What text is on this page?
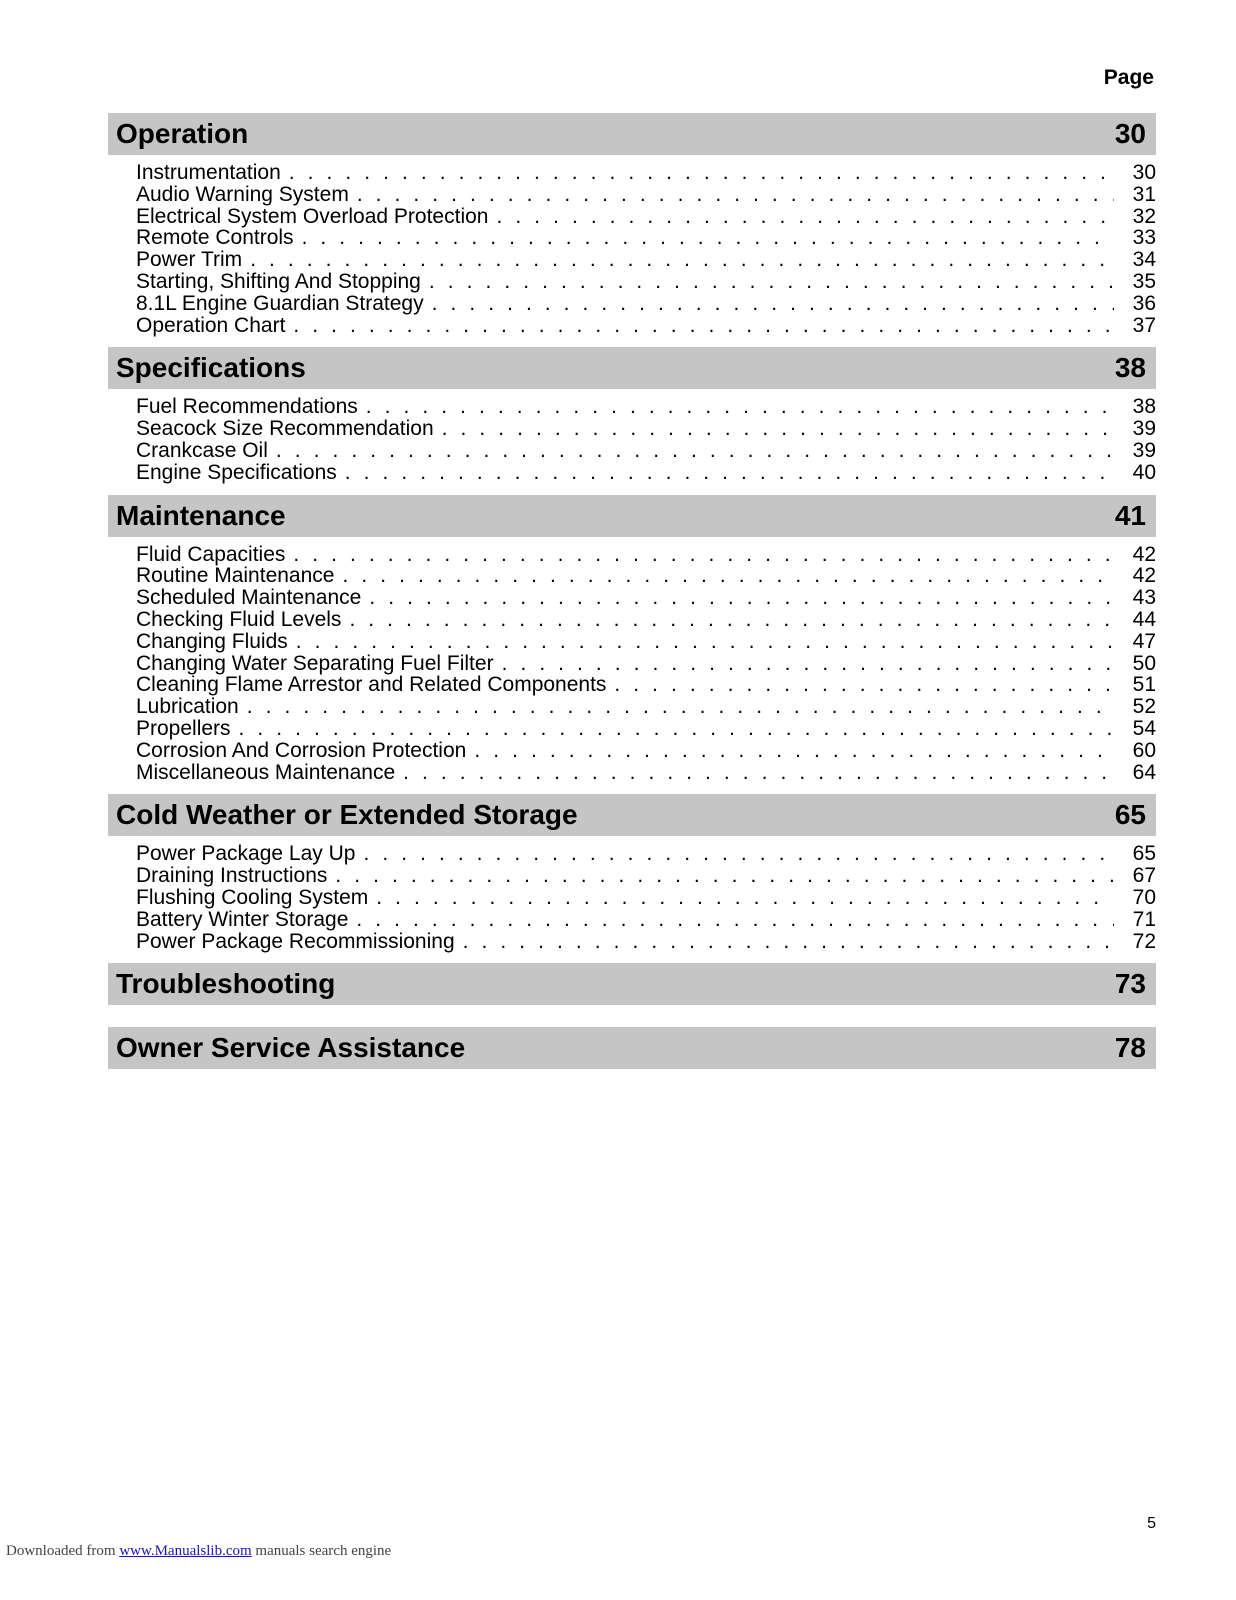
Page
Operation	30
Instrumentation . . .	30
Audio Warning System . . .	31
Electrical System Overload Protection . . .	32
Remote Controls . . .	33
Power Trim . . .	34
Starting, Shifting And Stopping . . .	35
8.1L Engine Guardian Strategy . . .	36
Operation Chart . . .	37
Specifications	38
Fuel Recommendations . . .	38
Seacock Size Recommendation . . .	39
Crankcase Oil . . .	39
Engine Specifications . . .	40
Maintenance	41
Fluid Capacities . . .	42
Routine Maintenance . . .	42
Scheduled Maintenance . . .	43
Checking Fluid Levels . . .	44
Changing Fluids . . .	47
Changing Water Separating Fuel Filter . . .	50
Cleaning Flame Arrestor and Related Components . . .	51
Lubrication . . .	52
Propellers . . .	54
Corrosion And Corrosion Protection . . .	60
Miscellaneous Maintenance . . .	64
Cold Weather or Extended Storage	65
Power Package Lay Up . . .	65
Draining Instructions . . .	67
Flushing Cooling System . . .	70
Battery Winter Storage . . .	71
Power Package Recommissioning . . .	72
Troubleshooting	73
Owner Service Assistance	78
5
Downloaded from www.Manualslib.com manuals search engine
